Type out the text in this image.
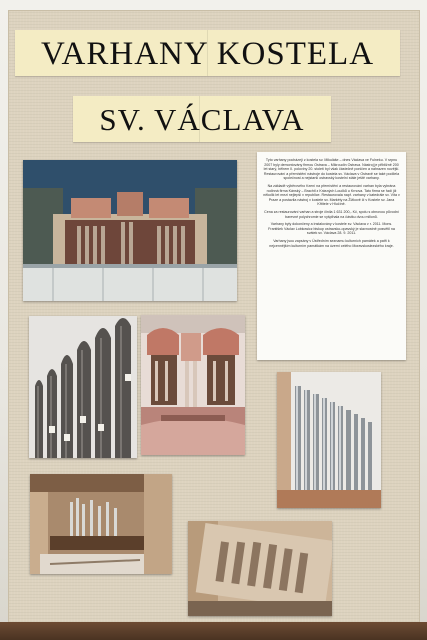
VARHANY KOSTELA
SV. VÁCLAVA

Tyto varhany pocházejí z kostela sv. Mikuláše – dnes Václava ve Fulneku. V srpnu 2007 byly demontovány firmou Ostrava – Mikroudín Ostrava. Nástroj je přibližně 200 let starý, během II. poloviny 20. století byl však částečně poničen a nahrazen novější. Restaurování a přemístění nástroje do kostela sv. Václava v Ostravě se také podílela společnost a nejstarší ostravský kostelní stále ještě varhany.

Na základě výběrového řízení na přemístění a restaurování varhan byla vybrána rodinná firma Kánský – Brachtl z Krásných Loučků u Krnova. Tato firma se řadí již několik let mezi nejlepší v republice. Restaurovala např. varhany v katedrále sv. Víta v Praze a postavila nástroj v kostele sv. Markéty na Žižkově či v Kostele sv. Jana Křtitele v Hlučíně.

Cena za restaurování varhan a stroje činila 1 631 200,- Kč, spolu s obnovou původní barevné polychromie se vyšplhala na částku dvou milionů.

Varhany byly dokončeny a instalovány v kostele sv. Václava v r. 2011. Mons. František Václav Lobkowicz biskup ostravsko-opavský je slavnostně posvětil na svátek sv. Václava 28. 9. 2011.

Varhany jsou zapsány v Ústředním seznamu kulturních památek a patří k nejcennějším kulturním památkám na území celého Moravskoslezského kraje.
